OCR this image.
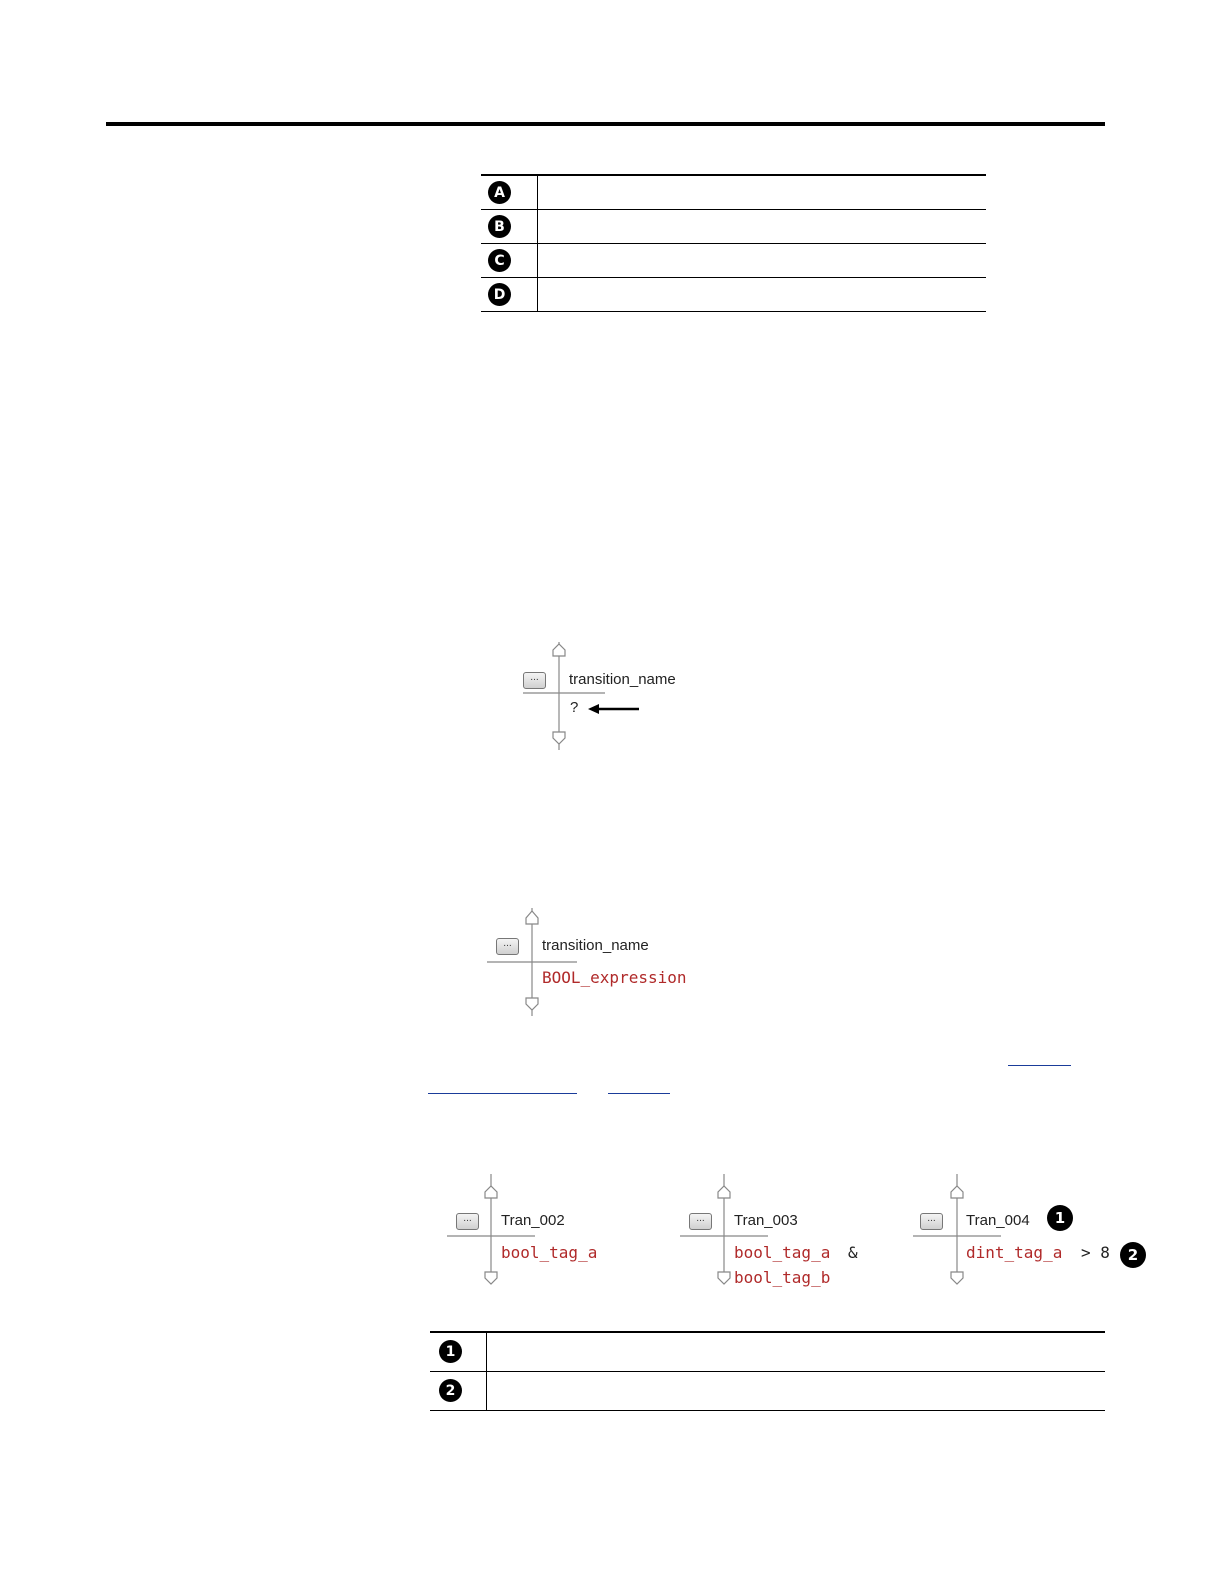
A	
B	
C	
D	
...	transition_name
?
...	transition_name
BOOL_expression
...	Tran_002
bool_tag_a
...	Tran_003
bool_tag_a &
bool_tag_b
...	Tran_004	1
dint_tag_a > 8	2
1	
2	
